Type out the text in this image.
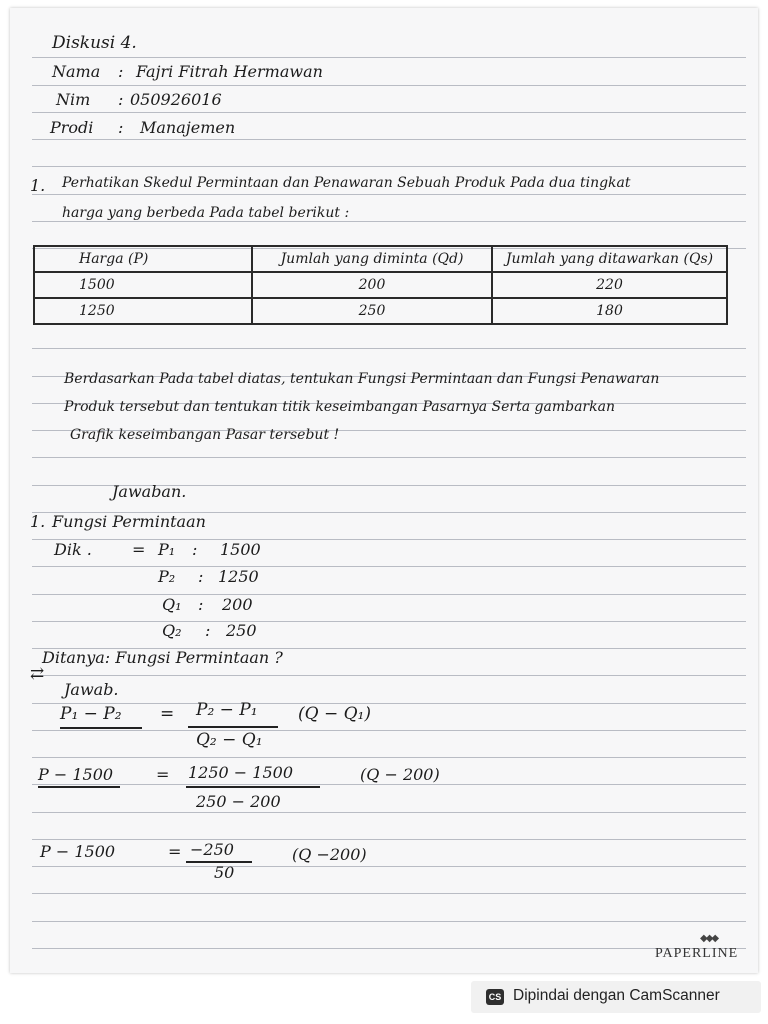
Diskusi 4.
Nama : Fajri Fitrah Hermawan
Nim : 050926016
Prodi : Manajemen
1. Perhatikan Skedul Permintaan dan Penawaran Sebuah Produk Pada dua tingkat
harga yang berbeda Pada tabel berikut :
Harga (P)	Jumlah yang diminta (Qd)	Jumlah yang ditawarkan (Qs)
1500	200	220
1250	250	180
Berdasarkan Pada tabel diatas, tentukan Fungsi Permintaan dan Fungsi Penawaran
Produk tersebut dan tentukan titik keseimbangan Pasarnya Serta gambarkan
Grafik keseimbangan Pasar tersebut !
Jawaban.
1. Fungsi Permintaan
Dik .	= P₁ : 1500
P₂ : 1250
Q₁ : 200
Q₂ : 250
Ditanya: Fungsi Permintaan ?
⇄
Jawab.
P₁ − P₂ = P₂ − P₁
Q₂ − Q₁
(Q − Q₁)
P − 1500	= 1250 − 1500
250 − 200
(Q − 200)
P − 1500	= −250
50
(Q −200)
◆◆◆
PAPERLINE
CS Dipindai dengan CamScanner
